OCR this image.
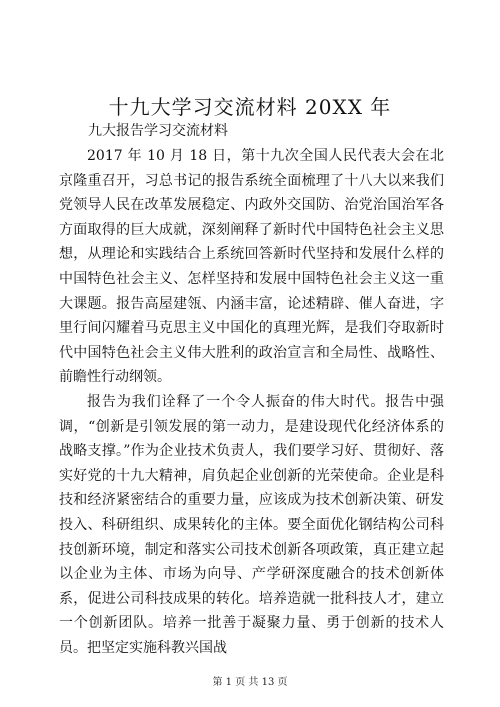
十九大学习交流材料 20XX 年
九大报告学习交流材料

2017 年 10 月 18 日，第十九次全国人民代表大会在北京隆重召开，习总书记的报告系统全面梳理了十八大以来我们党领导人民在改革发展稳定、内政外交国防、治党治国治军各方面取得的巨大成就，深刻阐释了新时代中国特色社会主义思想，从理论和实践结合上系统回答新时代坚持和发展什么样的中国特色社会主义、怎样坚持和发展中国特色社会主义这一重大课题。报告高屋建瓴、内涵丰富，论述精辟、催人奋进，字里行间闪耀着马克思主义中国化的真理光辉，是我们夺取新时代中国特色社会主义伟大胜利的政治宣言和全局性、战略性、前瞻性行动纲领。

报告为我们诠释了一个令人振奋的伟大时代。报告中强调，“创新是引领发展的第一动力，是建设现代化经济体系的战略支撑。”作为企业技术负责人，我们要学习好、贯彻好、落实好党的十九大精神，肩负起企业创新的光荣使命。企业是科技和经济紧密结合的重要力量，应该成为技术创新决策、研发投入、科研组织、成果转化的主体。要全面优化钢结构公司科技创新环境，制定和落实公司技术创新各项政策，真正建立起以企业为主体、市场为向导、产学研深度融合的技术创新体系，促进公司科技成果的转化。培养造就一批科技人才，建立一个创新团队。培养一批善于凝聚力量、勇于创新的技术人员。把坚定实施科教兴国战

第 1 页 共 13 页
